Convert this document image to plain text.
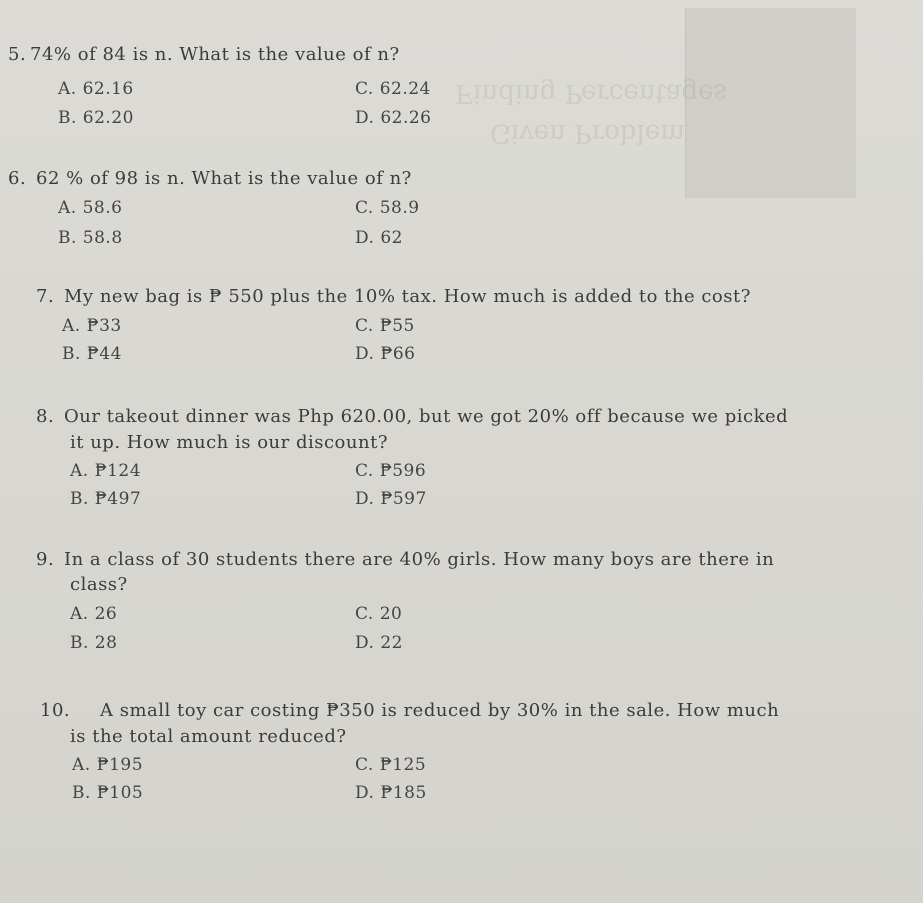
Finding Percentages
Given Problem
5. 74% of 84 is n. What is the value of n?
A. 62.16	C. 62.24
B. 62.20	D. 62.26
6. 62 % of 98 is n. What is the value of n?
A. 58.6	C. 58.9
B. 58.8	D. 62
7. My new bag is ₱ 550 plus the 10% tax. How much is added to the cost?
A. ₱33	C. ₱55
B. ₱44	D. ₱66
8. Our takeout dinner was Php 620.00, but we got 20% off because we picked
it up. How much is our discount?
A. ₱124	C. ₱596
B. ₱497	D. ₱597
9. In a class of 30 students there are 40% girls. How many boys are there in
class?
A. 26	C. 20
B. 28	D. 22
10. A small toy car costing ₱350 is reduced by 30% in the sale. How much
is the total amount reduced?
A. ₱195	C. ₱125
B. ₱105	D. ₱185
